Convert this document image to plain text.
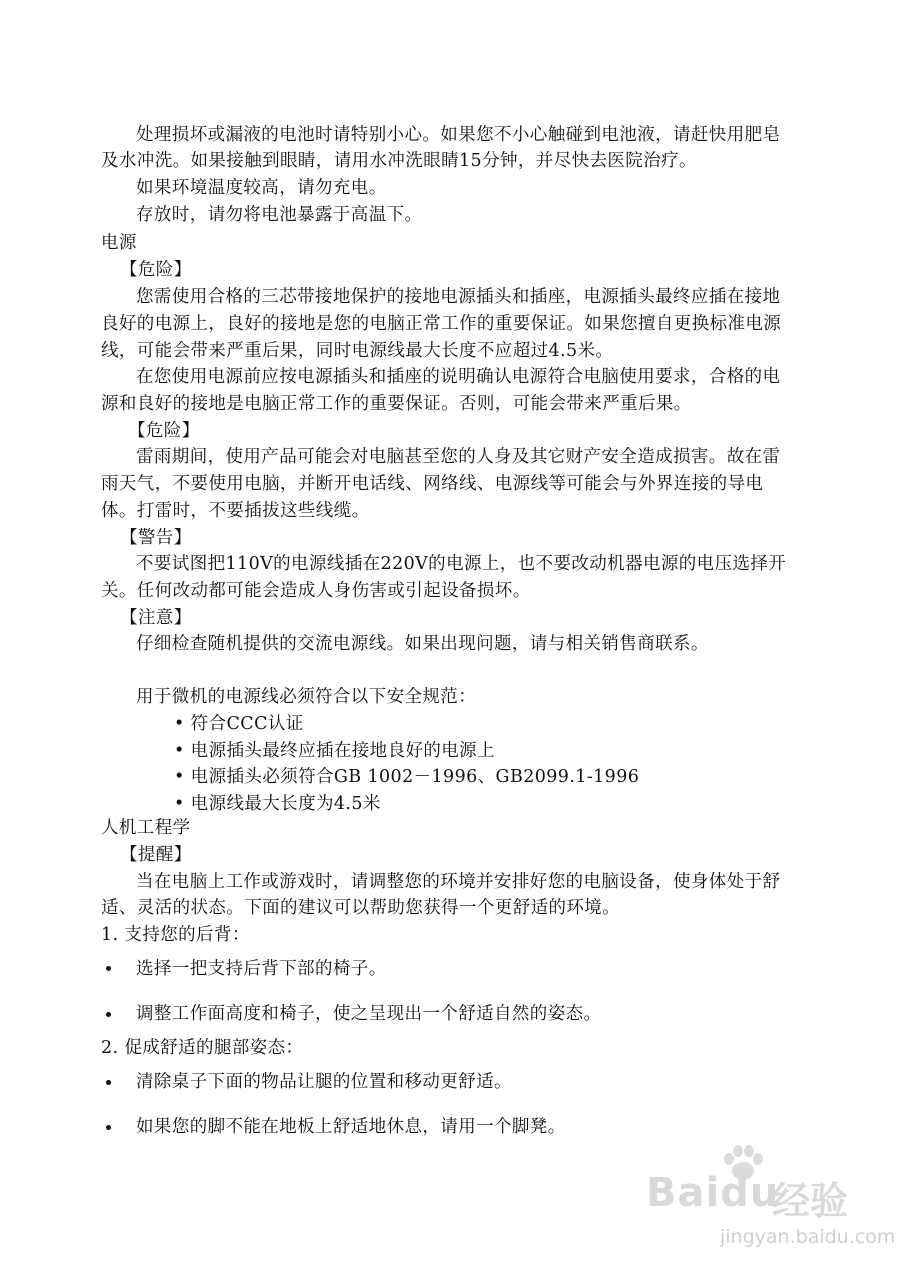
处理损坏或漏液的电池时请特别小心。如果您不小心触碰到电池液，请赶快用肥皂
及水冲洗。如果接触到眼睛，请用水冲洗眼睛15分钟，并尽快去医院治疗。
如果环境温度较高，请勿充电。
存放时，请勿将电池暴露于高温下。
电源
【危险】
您需使用合格的三芯带接地保护的接地电源插头和插座，电源插头最终应插在接地
良好的电源上，良好的接地是您的电脑正常工作的重要保证。如果您擅自更换标准电源
线，可能会带来严重后果，同时电源线最大长度不应超过4.5米。
在您使用电源前应按电源插头和插座的说明确认电源符合电脑使用要求，合格的电
源和良好的接地是电脑正常工作的重要保证。否则，可能会带来严重后果。
【危险】
雷雨期间，使用产品可能会对电脑甚至您的人身及其它财产安全造成损害。故在雷
雨天气，不要使用电脑，并断开电话线、网络线、电源线等可能会与外界连接的导电
体。打雷时，不要插拔这些线缆。
【警告】
不要试图把110V的电源线插在220V的电源上，也不要改动机器电源的电压选择开
关。任何改动都可能会造成人身伤害或引起设备损坏。
【注意】
仔细检查随机提供的交流电源线。如果出现问题，请与相关销售商联系。
用于微机的电源线必须符合以下安全规范：
• 符合CCC认证
• 电源插头最终应插在接地良好的电源上
• 电源插头必须符合GB 1002－1996、GB2099.1-1996
• 电源线最大长度为4.5米
人机工程学
【提醒】
当在电脑上工作或游戏时，请调整您的环境并安排好您的电脑设备，使身体处于舒
适、灵活的状态。下面的建议可以帮助您获得一个更舒适的环境。
1. 支持您的后背：
选择一把支持后背下部的椅子。
调整工作面高度和椅子，使之呈现出一个舒适自然的姿态。
2. 促成舒适的腿部姿态：
清除桌子下面的物品让腿的位置和移动更舒适。
如果您的脚不能在地板上舒适地休息，请用一个脚凳。
Baidu
经验
jingyan.baidu.com
